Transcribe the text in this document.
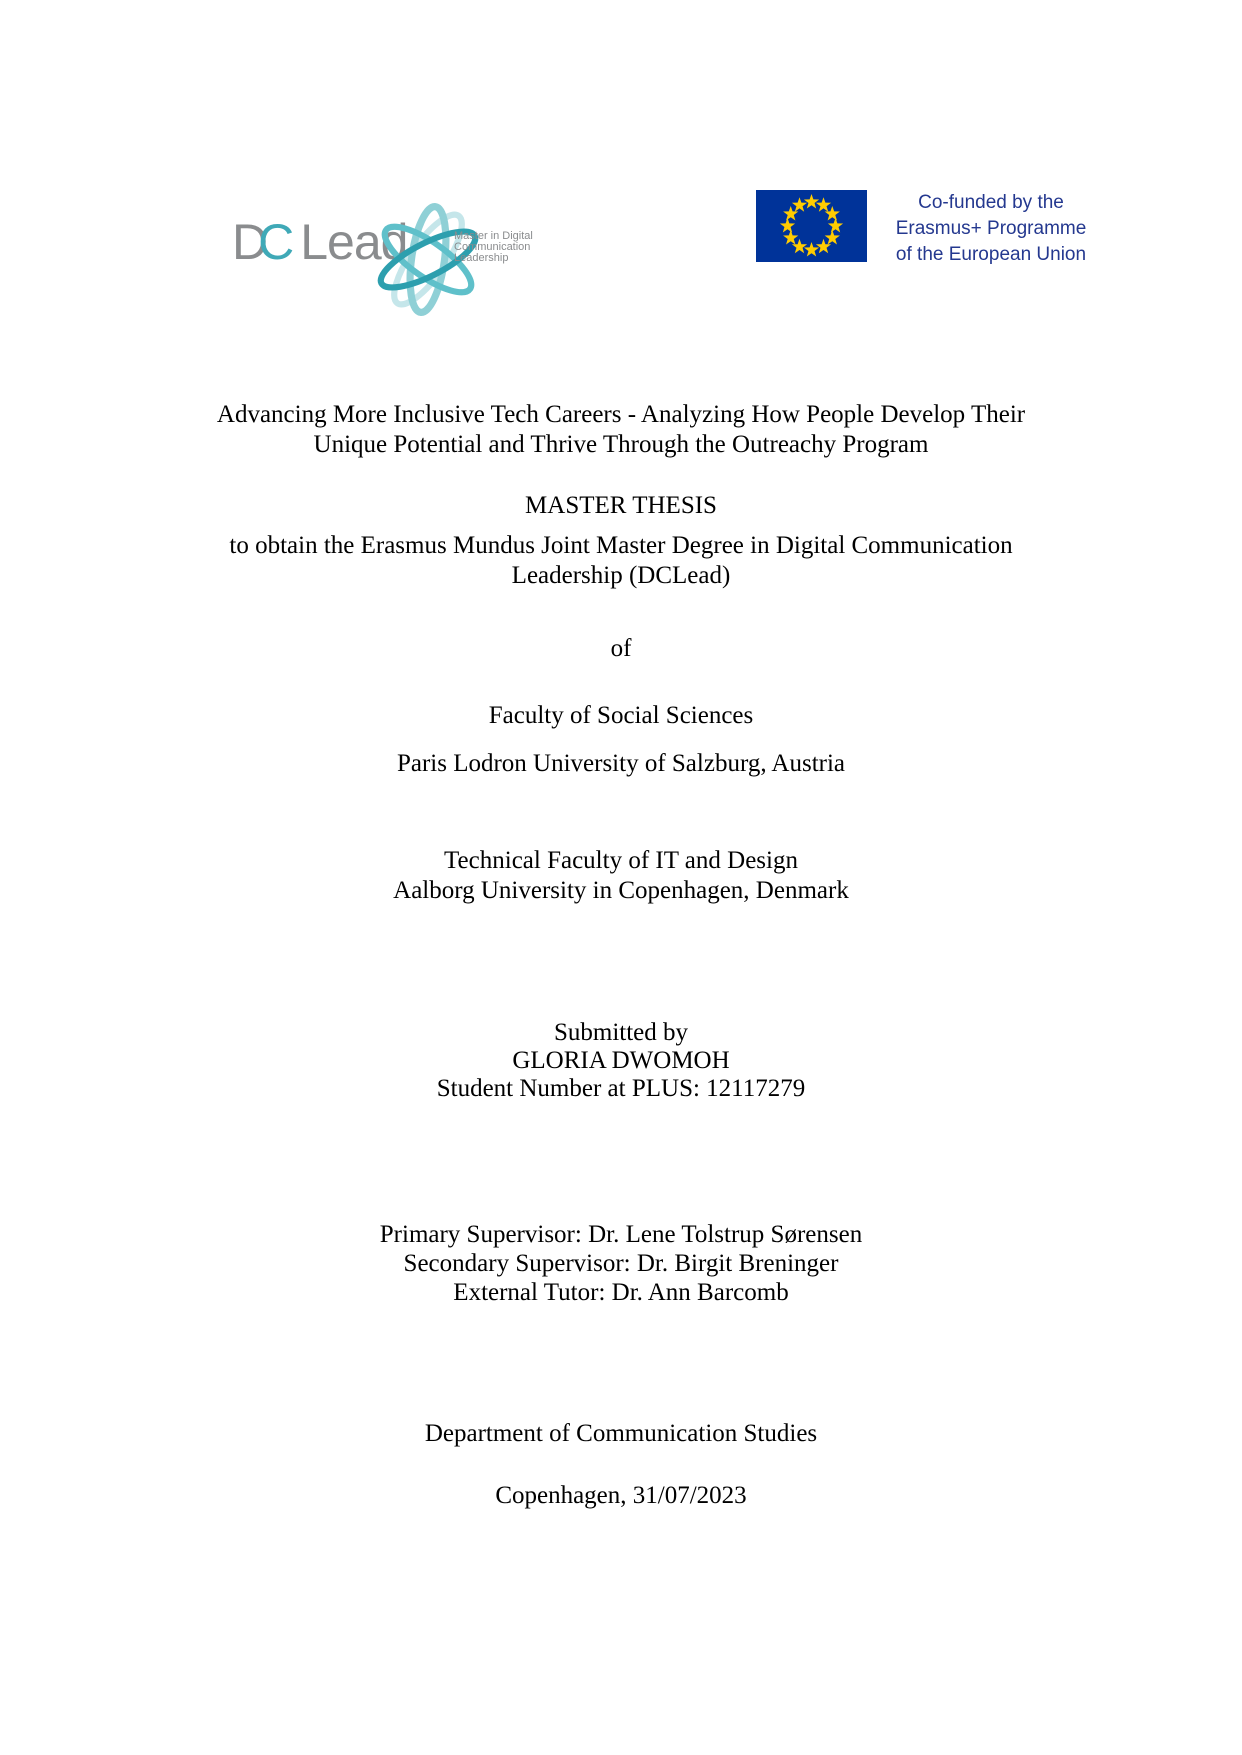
DC Lead	Master in Digital
Communication
Leadership
Co-funded by the
Erasmus+ Programme
of the European Union
Advancing More Inclusive Tech Careers - Analyzing How People Develop Their
Unique Potential and Thrive Through the Outreachy Program
MASTER THESIS
to obtain the Erasmus Mundus Joint Master Degree in Digital Communication
Leadership (DCLead)
of
Faculty of Social Sciences
Paris Lodron University of Salzburg, Austria
Technical Faculty of IT and Design
Aalborg University in Copenhagen, Denmark
Submitted by
GLORIA DWOMOH
Student Number at PLUS: 12117279
Primary Supervisor: Dr. Lene Tolstrup Sørensen
Secondary Supervisor: Dr. Birgit Breninger
External Tutor: Dr. Ann Barcomb
Department of Communication Studies
Copenhagen, 31/07/2023
